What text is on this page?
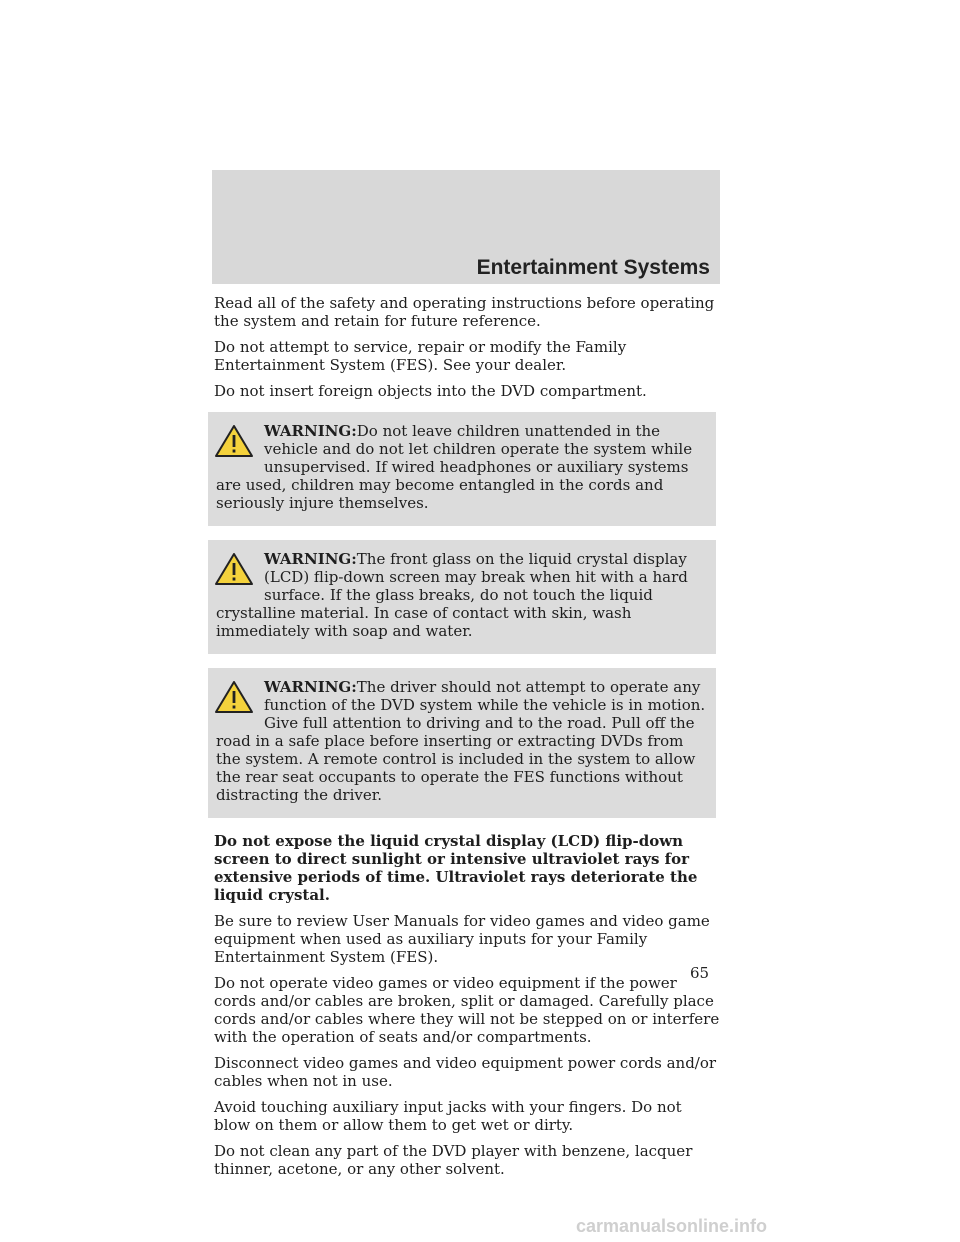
Entertainment Systems

Read all of the safety and operating instructions before operating the system and retain for future reference.

Do not attempt to service, repair or modify the Family Entertainment System (FES). See your dealer.

Do not insert foreign objects into the DVD compartment.

WARNING:Do not leave children unattended in the vehicle and do not let children operate the system while unsupervised. If wired headphones or auxiliary systems are used, children may become entangled in the cords and seriously injure themselves.

WARNING:The front glass on the liquid crystal display (LCD) flip-down screen may break when hit with a hard surface. If the glass breaks, do not touch the liquid crystalline material. In case of contact with skin, wash immediately with soap and water.

WARNING:The driver should not attempt to operate any function of the DVD system while the vehicle is in motion. Give full attention to driving and to the road. Pull off the road in a safe place before inserting or extracting DVDs from the system. A remote control is included in the system to allow the rear seat occupants to operate the FES functions without distracting the driver.

Do not expose the liquid crystal display (LCD) flip-down screen to direct sunlight or intensive ultraviolet rays for extensive periods of time. Ultraviolet rays deteriorate the liquid crystal.

Be sure to review User Manuals for video games and video game equipment when used as auxiliary inputs for your Family Entertainment System (FES).

Do not operate video games or video equipment if the power cords and/or cables are broken, split or damaged. Carefully place cords and/or cables where they will not be stepped on or interfere with the operation of seats and/or compartments.

Disconnect video games and video equipment power cords and/or cables when not in use.

Avoid touching auxiliary input jacks with your fingers. Do not blow on them or allow them to get wet or dirty.

Do not clean any part of the DVD player with benzene, lacquer thinner, acetone, or any other solvent.

65

carmanualsonline.info
